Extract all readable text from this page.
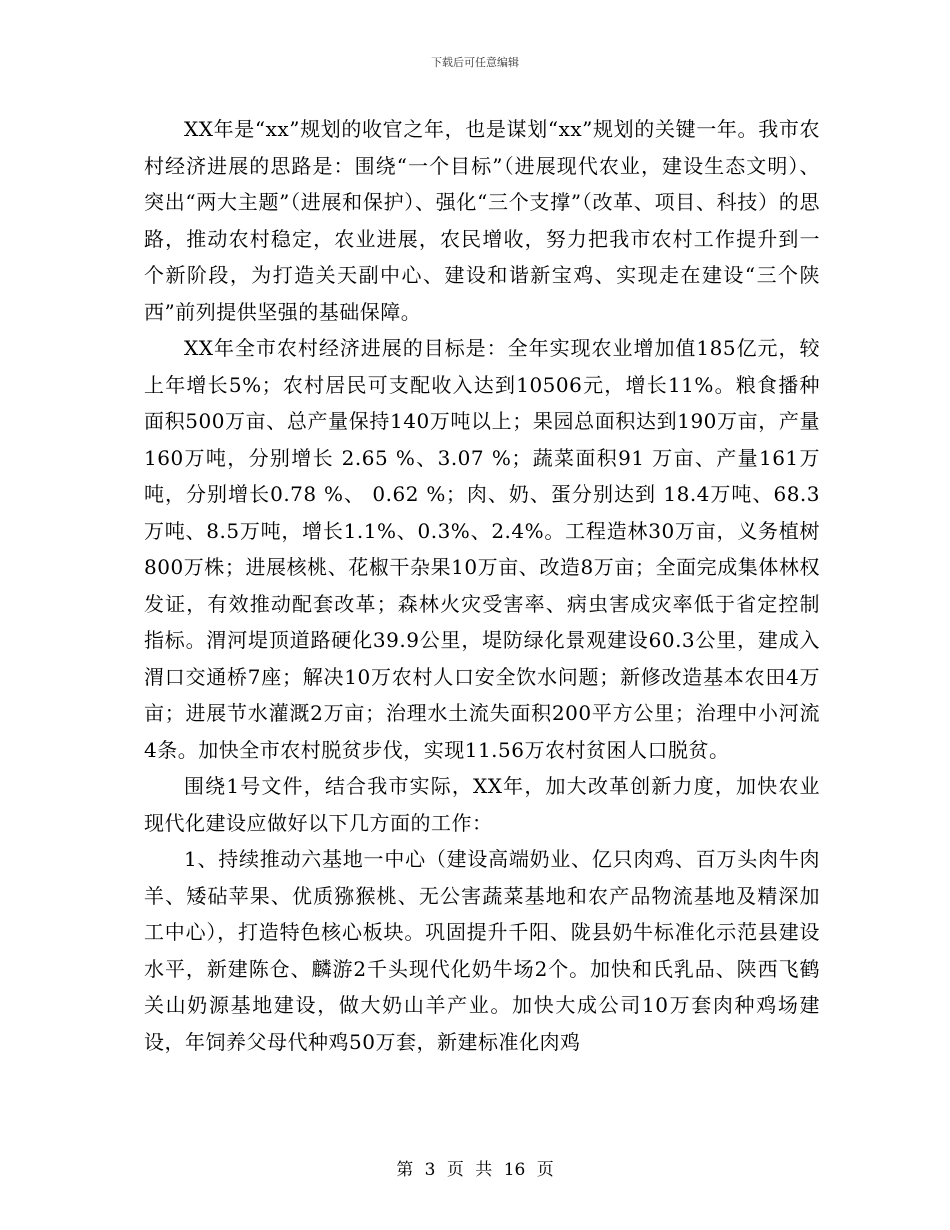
下载后可任意编辑

XX年是“xx”规划的收官之年，也是谋划“xx”规划的关键一年。我市农村经济进展的思路是：围绕“一个目标”（进展现代农业，建设生态文明）、突出“两大主题”（进展和保护）、强化“三个支撑”（改革、项目、科技）的思路，推动农村稳定，农业进展，农民增收，努力把我市农村工作提升到一个新阶段，为打造关天副中心、建设和谐新宝鸡、实现走在建设“三个陕西”前列提供坚强的基础保障。

XX年全市农村经济进展的目标是：全年实现农业增加值185亿元，较上年增长5%；农村居民可支配收入达到10506元，增长11%。粮食播种面积500万亩、总产量保持140万吨以上；果园总面积达到190万亩，产量160万吨，分别增长 2.65 %、3.07 %；蔬菜面积91 万亩、产量161万吨，分别增长0.78 %、 0.62 %；肉、奶、蛋分别达到 18.4万吨、68.3万吨、8.5万吨，增长1.1%、0.3%、2.4%。工程造林30万亩，义务植树800万株；进展核桃、花椒干杂果10万亩、改造8万亩；全面完成集体林权发证，有效推动配套改革；森林火灾受害率、病虫害成灾率低于省定控制指标。渭河堤顶道路硬化39.9公里，堤防绿化景观建设60.3公里，建成入渭口交通桥7座；解决10万农村人口安全饮水问题；新修改造基本农田4万亩；进展节水灌溉2万亩；治理水土流失面积200平方公里；治理中小河流4条。加快全市农村脱贫步伐，实现11.56万农村贫困人口脱贫。

围绕1号文件，结合我市实际，XX年，加大改革创新力度，加快农业现代化建设应做好以下几方面的工作：

1、持续推动六基地一中心（建设高端奶业、亿只肉鸡、百万头肉牛肉羊、矮砧苹果、优质猕猴桃、无公害蔬菜基地和农产品物流基地及精深加工中心），打造特色核心板块。巩固提升千阳、陇县奶牛标准化示范县建设水平，新建陈仓、麟游2千头现代化奶牛场2个。加快和氏乳品、陕西飞鹤关山奶源基地建设，做大奶山羊产业。加快大成公司10万套肉种鸡场建设，年饲养父母代种鸡50万套，新建标准化肉鸡

第 3 页 共 16 页
